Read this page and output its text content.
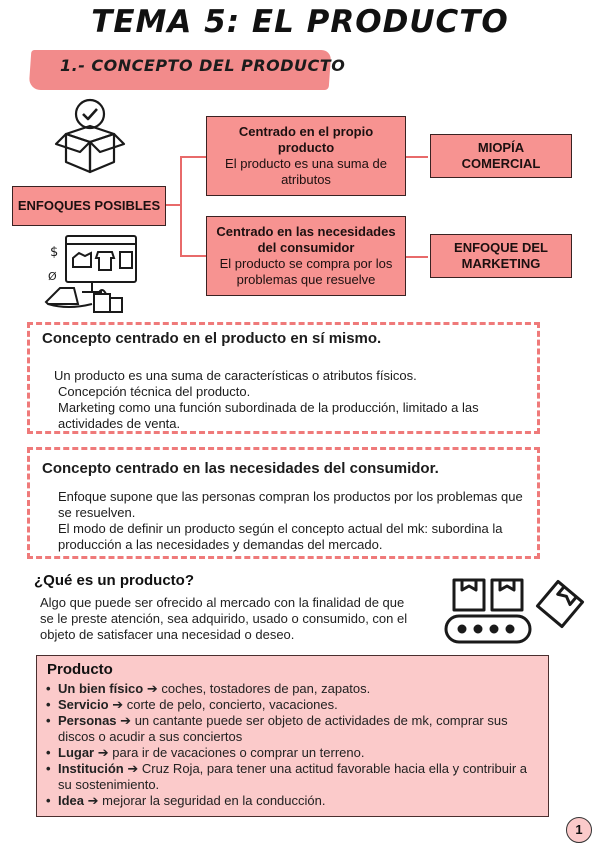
TEMA 5: EL PRODUCTO
1.- CONCEPTO DEL PRODUCTO
$
Ø
ENFOQUES POSIBLES
Centrado en el propio producto
El producto es una suma de atributos
Centrado en las necesidades del consumidor
El producto se compra por los problemas que resuelve
MIOPÍA COMERCIAL
ENFOQUE DEL MARKETING
Concepto centrado en el producto en sí mismo.

Un producto es una suma de características o atributos físicos.

Concepción técnica del producto.

Marketing como una función subordinada de la producción, limitado a las actividades de venta.

Concepto centrado en las necesidades del consumidor.

Enfoque supone que las personas compran los productos por los problemas que se resuelven.

El modo de definir un producto según el concepto actual del mk: subordina la producción a las necesidades y demandas del mercado.

¿Qué es un producto?
Algo que puede ser ofrecido al mercado con la finalidad de que se le preste atención, sea adquirido, usado o consumido, con el objeto de satisfacer una necesidad o deseo.
Producto
• Un bien físico ➔ coches, tostadores de pan, zapatos.
• Servicio ➔ corte de pelo, concierto, vacaciones.
• Personas ➔ un cantante puede ser objeto de actividades de mk, comprar sus discos o acudir a sus conciertos
• Lugar ➔ para ir de vacaciones o comprar un terreno.
• Institución ➔ Cruz Roja, para tener una actitud favorable hacia ella y contribuir a su sostenimiento.
• Idea ➔ mejorar la seguridad en la conducción.
1
